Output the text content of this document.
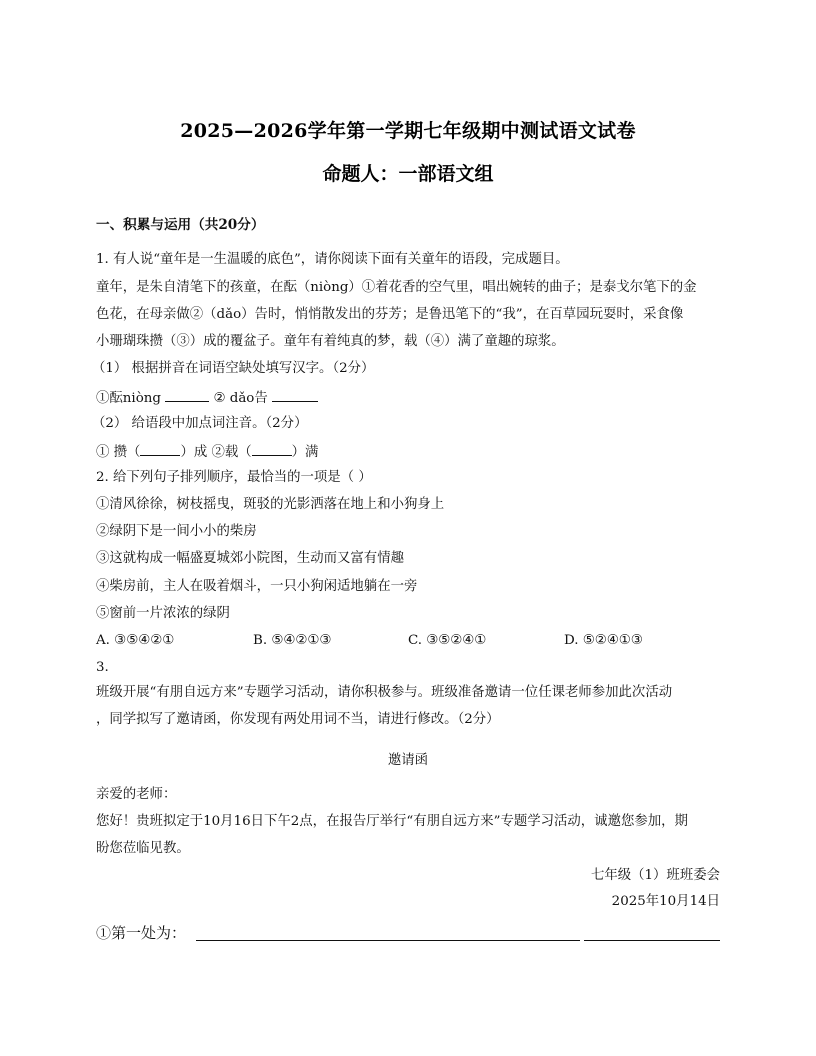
2025—2026学年第一学期七年级期中测试语文试卷
命题人：一部语文组
一、积累与运用（共20分）
1. 有人说“童年是一生温暖的底色”，请你阅读下面有关童年的语段，完成题目。
童年，是朱自清笔下的孩童，在酝（niòng）①着花香的空气里，唱出婉转的曲子；是泰戈尔笔下的金
色花，在母亲做②（dǎo）告时，悄悄散发出的芬芳；是鲁迅笔下的“我”，在百草园玩耍时，采食像
小珊瑚珠攒（③）成的覆盆子。童年有着纯真的梦，载（④）满了童趣的琼浆。
（1） 根据拼音在词语空缺处填写汉字。（2分）
①酝niòng	② dǎo告
（2） 给语段中加点词注音。（2分）
① 攒（	）成 ②载（	）满
2. 给下列句子排列顺序，最恰当的一项是（ ）
①清风徐徐，树枝摇曳，斑驳的光影洒落在地上和小狗身上
②绿阴下是一间小小的柴房
③这就构成一幅盛夏城郊小院图，生动而又富有情趣
④柴房前，主人在吸着烟斗，一只小狗闲适地躺在一旁
⑤窗前一片浓浓的绿阴
A. ③⑤④②①	B. ⑤④②①③	C. ③⑤②④①	D. ⑤②④①③
3.
班级开展“有朋自远方来”专题学习活动，请你积极参与。班级准备邀请一位任课老师参加此次活动
，同学拟写了邀请函，你发现有两处用词不当，请进行修改。（2分）
邀请函
亲爱的老师：
您好！贵班拟定于10月16日下午2点，在报告厅举行“有朋自远方来”专题学习活动，诚邀您参加，期
盼您莅临见教。
七年级（1）班班委会
2025年10月14日
①第一处为：
